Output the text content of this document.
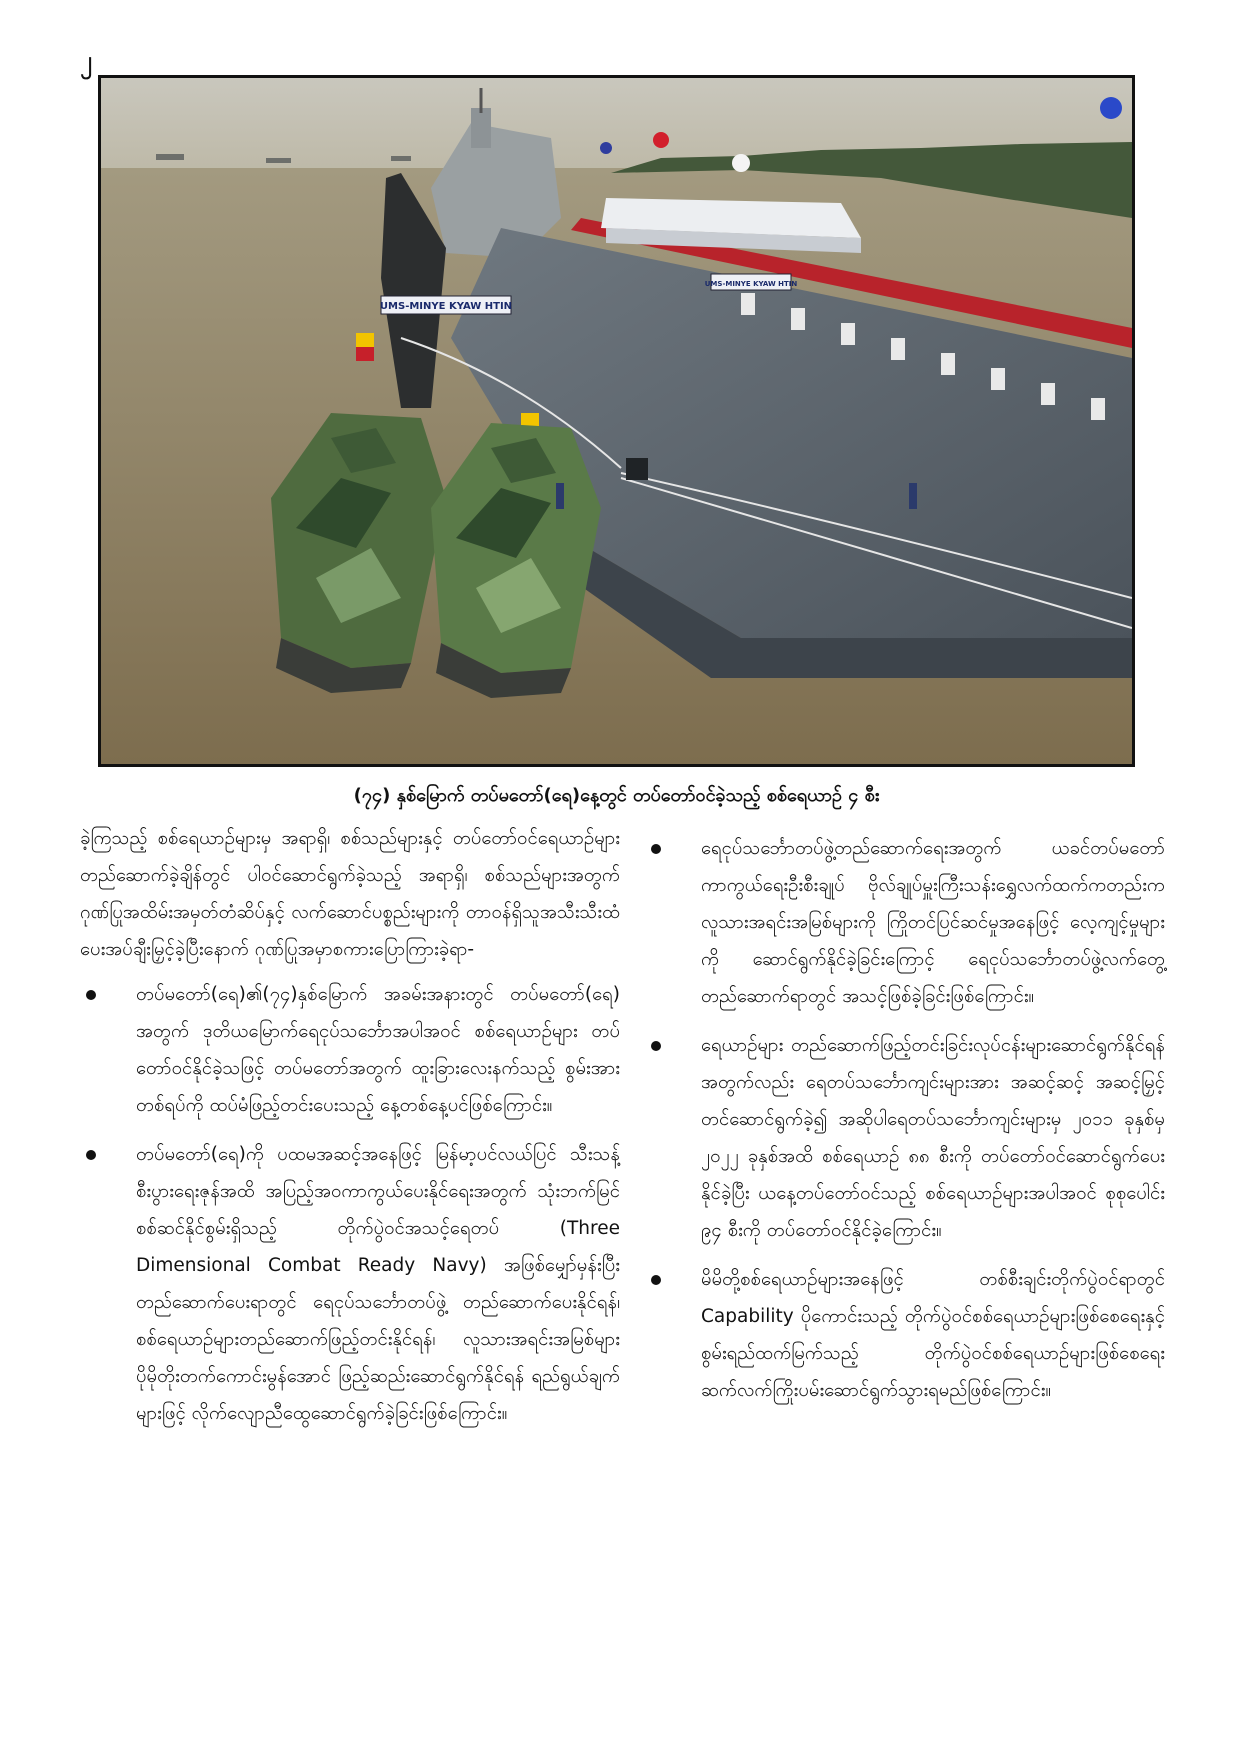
၂
UMS-MINYE KYAW HTIN
UMS-MINYE KYAW HTIN
(၇၄) နှစ်မြောက် တပ်မတော်(ရေ)နေ့တွင် တပ်တော်ဝင်ခဲ့သည့် စစ်ရေယာဉ် ၄ စီး

ခဲ့ကြသည့် စစ်ရေယာဉ်များမှ အရာရှိ၊ စစ်သည်များနှင့် တပ်တော်ဝင်ရေယာဉ်များတည်ဆောက်ခဲ့ချိန်တွင် ပါဝင်ဆောင်ရွက်ခဲ့သည့် အရာရှိ၊ စစ်သည်များအတွက် ဂုဏ်ပြုအထိမ်းအမှတ်တံဆိပ်နှင့် လက်ဆောင်ပစ္စည်းများကို တာဝန်ရှိသူအသီးသီးထံ ပေးအပ်ချီးမြှင့်ခဲ့ပြီးနောက် ဂုဏ်ပြုအမှာစကားပြောကြားခဲ့ရာ-

တပ်မတော်(ရေ)၏(၇၄)နှစ်မြောက် အခမ်းအနားတွင် တပ်မတော်(ရေ) အတွက် ဒုတိယမြောက်ရေငုပ်သင်္ဘောအပါအဝင် စစ်ရေယာဉ်များ တပ်တော်ဝင်နိုင်ခဲ့သဖြင့် တပ်မတော်အတွက် ထူးခြားလေးနက်သည့် စွမ်းအားတစ်ရပ်ကို ထပ်မံဖြည့်တင်းပေးသည့် နေ့တစ်နေ့ပင်ဖြစ်ကြောင်း။

တပ်မတော်(ရေ)ကို ပထမအဆင့်အနေဖြင့် မြန်မာ့ပင်လယ်ပြင် သီးသန့်စီးပွားရေးဇုန်အထိ အပြည့်အဝကာကွယ်ပေးနိုင်ရေးအတွက် သုံးဘက်မြင်စစ်ဆင်နိုင်စွမ်းရှိသည့် တိုက်ပွဲဝင်အသင့်ရေတပ် (Three Dimensional Combat Ready Navy) အဖြစ်မျှော်မှန်းပြီး တည်ဆောက်ပေးရာတွင် ရေငုပ်သင်္ဘောတပ်ဖွဲ့ တည်ဆောက်ပေးနိုင်ရန်၊ စစ်ရေယာဉ်များတည်ဆောက်ဖြည့်တင်းနိုင်ရန်၊ လူသားအရင်းအမြစ်များ ပိုမိုတိုးတက်ကောင်းမွန်အောင် ဖြည့်ဆည်းဆောင်ရွက်နိုင်ရန် ရည်ရွယ်ချက်များဖြင့် လိုက်လျောညီထွေဆောင်ရွက်ခဲ့ခြင်းဖြစ်ကြောင်း။

ရေငုပ်သင်္ဘောတပ်ဖွဲ့တည်ဆောက်ရေးအတွက် ယခင်တပ်မတော်ကာကွယ်ရေးဦးစီးချုပ် ဗိုလ်ချုပ်မှူးကြီးသန်းရွှေလက်ထက်ကတည်းက လူသားအရင်းအမြစ်များကို ကြိုတင်ပြင်ဆင်မှုအနေဖြင့် လေ့ကျင့်မှုများကို ဆောင်ရွက်နိုင်ခဲ့ခြင်းကြောင့် ရေငုပ်သင်္ဘောတပ်ဖွဲ့လက်တွေ့တည်ဆောက်ရာတွင် အသင့်ဖြစ်ခဲ့ခြင်းဖြစ်ကြောင်း။

ရေယာဉ်များ တည်ဆောက်ဖြည့်တင်းခြင်းလုပ်ငန်းများဆောင်ရွက်နိုင်ရန်အတွက်လည်း ရေတပ်သင်္ဘောကျင်းများအား အဆင့်ဆင့် အဆင့်မြှင့်တင်ဆောင်ရွက်ခဲ့၍ အဆိုပါရေတပ်သင်္ဘောကျင်းများမှ ၂၀၁၁ ခုနှစ်မှ ၂၀၂၂ ခုနှစ်အထိ စစ်ရေယာဉ် ၈၈ စီးကို တပ်တော်ဝင်ဆောင်ရွက်ပေးနိုင်ခဲ့ပြီး ယနေ့တပ်တော်ဝင်သည့် စစ်ရေယာဉ်များအပါအဝင် စုစုပေါင်း ၉၄ စီးကို တပ်တော်ဝင်နိုင်ခဲ့ကြောင်း။

မိမိတို့စစ်ရေယာဉ်များအနေဖြင့် တစ်စီးချင်းတိုက်ပွဲဝင်ရာတွင် Capability ပိုကောင်းသည့် တိုက်ပွဲဝင်စစ်ရေယာဉ်များဖြစ်စေရေးနှင့် စွမ်းရည်ထက်မြက်သည့် တိုက်ပွဲဝင်စစ်ရေယာဉ်များဖြစ်စေရေး ဆက်လက်ကြိုးပမ်းဆောင်ရွက်သွားရမည်ဖြစ်ကြောင်း။
